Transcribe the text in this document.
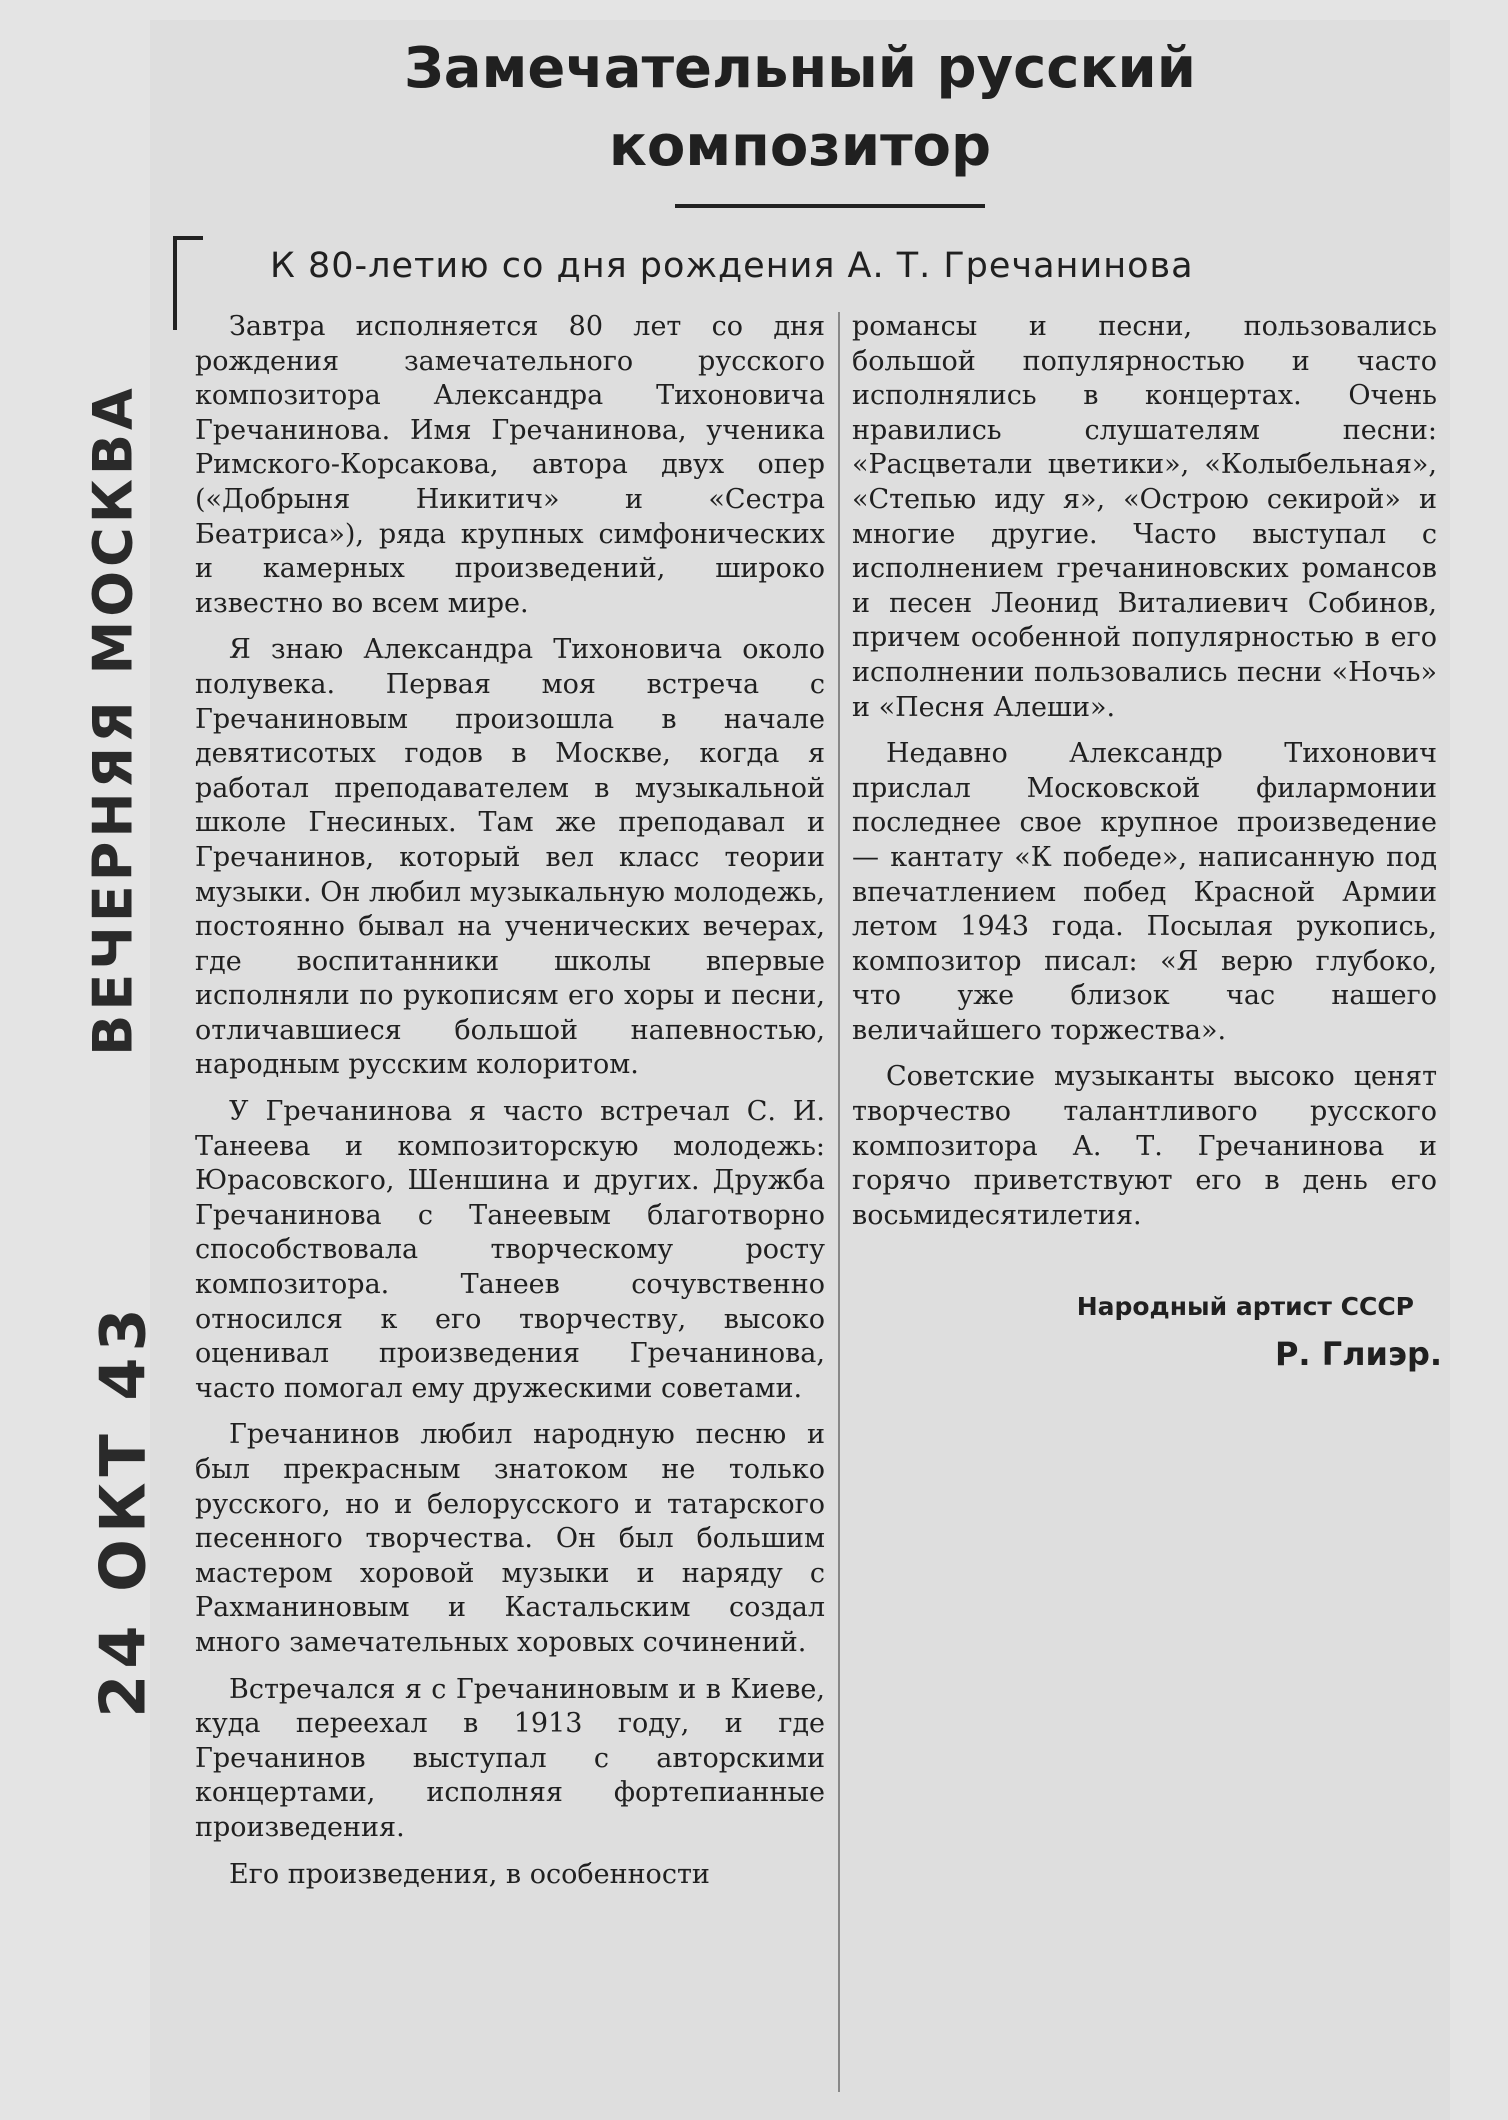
ВЕЧЕРНЯЯ МОСКВА
24 ОКТ 43
Замечательный русский
композитор
К 80-летию со дня рождения А. Т. Гречанинова

Завтра исполняется 80 лет со дня рождения замечательного русского композитора Александра Тихоновича Гречанинова. Имя Гречанинова, ученика Римского-Корсакова, автора двух опер («Добрыня Никитич» и «Сестра Беатриса»), ряда крупных симфонических и камерных произведений, широко известно во всем мире.

Я знаю Александра Тихоновича около полувека. Первая моя встреча с Гречаниновым произошла в начале девятисотых годов в Москве, когда я работал преподавателем в музыкальной школе Гнесиных. Там же преподавал и Гречанинов, который вел класс теории музыки. Он любил музыкальную молодежь, постоянно бывал на ученических вечерах, где воспитанники школы впервые исполняли по рукописям его хоры и песни, отличавшиеся большой напевностью, народным русским колоритом.

У Гречанинова я часто встречал С. И. Танеева и композиторскую молодежь: Юрасовского, Шеншина и других. Дружба Гречанинова с Танеевым благотворно способствовала творческому росту композитора. Танеев сочувственно относился к его творчеству, высоко оценивал произведения Гречанинова, часто помогал ему дружескими советами.

Гречанинов любил народную песню и был прекрасным знатоком не только русского, но и белорусского и татарского песенного творчества. Он был большим мастером хоровой музыки и наряду с Рахманиновым и Кастальским создал много замечательных хоровых сочинений.

Встречался я с Гречаниновым и в Киеве, куда переехал в 1913 году, и где Гречанинов выступал с авторскими концертами, исполняя фортепианные произведения.

Его произведения, в особенности

романсы и песни, пользовались большой популярностью и часто исполнялись в концертах. Очень нравились слушателям песни: «Расцветали цветики», «Колыбельная», «Степью иду я», «Острою секирой» и многие другие. Часто выступал с исполнением гречаниновских романсов и песен Леонид Виталиевич Собинов, причем особенной популярностью в его исполнении пользовались песни «Ночь» и «Песня Алеши».

Недавно Александр Тихонович прислал Московской филармонии последнее свое крупное произведение — кантату «К победе», написанную под впечатлением побед Красной Армии летом 1943 года. Посылая рукопись, композитор писал: «Я верю глубоко, что уже близок час нашего величайшего торжества».

Советские музыканты высоко ценят творчество талантливого русского композитора А. Т. Гречанинова и горячо приветствуют его в день его восьмидесятилетия.

Народный артист СССР
Р. Глиэр.
